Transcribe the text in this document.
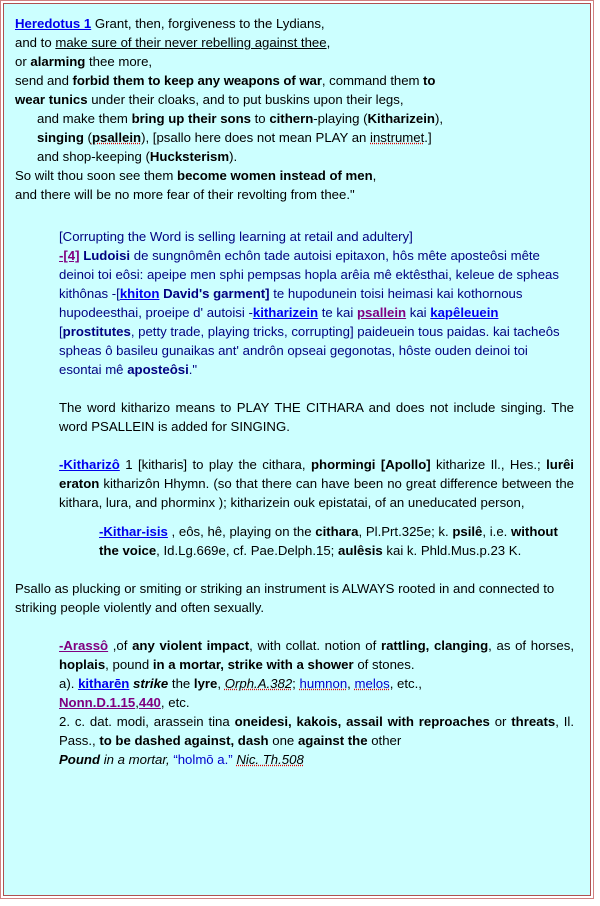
Heredotus 1 Grant, then, forgiveness to the Lydians,
and to make sure of their never rebelling against thee,
or alarming thee more,
send and forbid them to keep any weapons of war, command them to
wear tunics under their cloaks, and to put buskins upon their legs,
and make them bring up their sons to cithern-playing (Kitharizein),
singing (psallein), [psallo here does not mean PLAY an instrumet.]
and shop-keeping (Hucksterism).
So wilt thou soon see them become women instead of men,
and there will be no more fear of their revolting from thee."
[Corrupting the Word is selling learning at retail and adultery]
-[4] Ludoisi de sungnômên echôn tade autoisi epitaxon, hôs mête aposteôsi mête deinoi toi eôsi: apeipe men sphi pempsas hopla arêia mê ektêsthai, keleue de spheas kithônas -[khiton David's garment] te hupodunein toisi heimasi kai kothornous hupodeesthai, proeipe d' autoisi -kitharizein te kai psallein kai kapêleuein [prostitutes, petty trade, playing tricks, corrupting] paideuein tous paidas. kai tacheôs spheas ô basileu gunaikas ant' andrôn opseai gegonotas, hôste ouden deinoi toi esontai mê aposteôsi."
The word kitharizo means to PLAY THE CITHARA and does not include singing. The word PSALLEIN is added for SINGING.
-Kitharizô 1 [kitharis] to play the cithara, phormingi [Apollo] kitharize Il., Hes.; lurêi eraton kitharizôn Hhymn. (so that there can have been no great difference between the kithara, lura, and phorminx ); kitharizein ouk epistatai, of an uneducated person,
-Kithar-isis , eôs, hê, playing on the cithara, Pl.Prt.325e; k. psilê, i.e. without the voice, Id.Lg.669e, cf. Pae.Delph.15; aulêsis kai k. Phld.Mus.p.23 K.
Psallo as plucking or smiting or striking an instrument is ALWAYS rooted in and connected to striking people violently and often sexually.
-Arassô ,of any violent impact, with collat. notion of rattling, clanging, as of horses, hoplais, pound in a mortar, strike with a shower of stones.
a). kitharēn strike the lyre, Orph.A.382; humnon, melos, etc.,
Nonn.D.1.15,440, etc.
2. c. dat. modi, arassein tina oneidesi, kakois, assail with reproaches or threats, Il. Pass., to be dashed against, dash one against the other
Pound in a mortar, “holmō a.” Nic. Th.508
